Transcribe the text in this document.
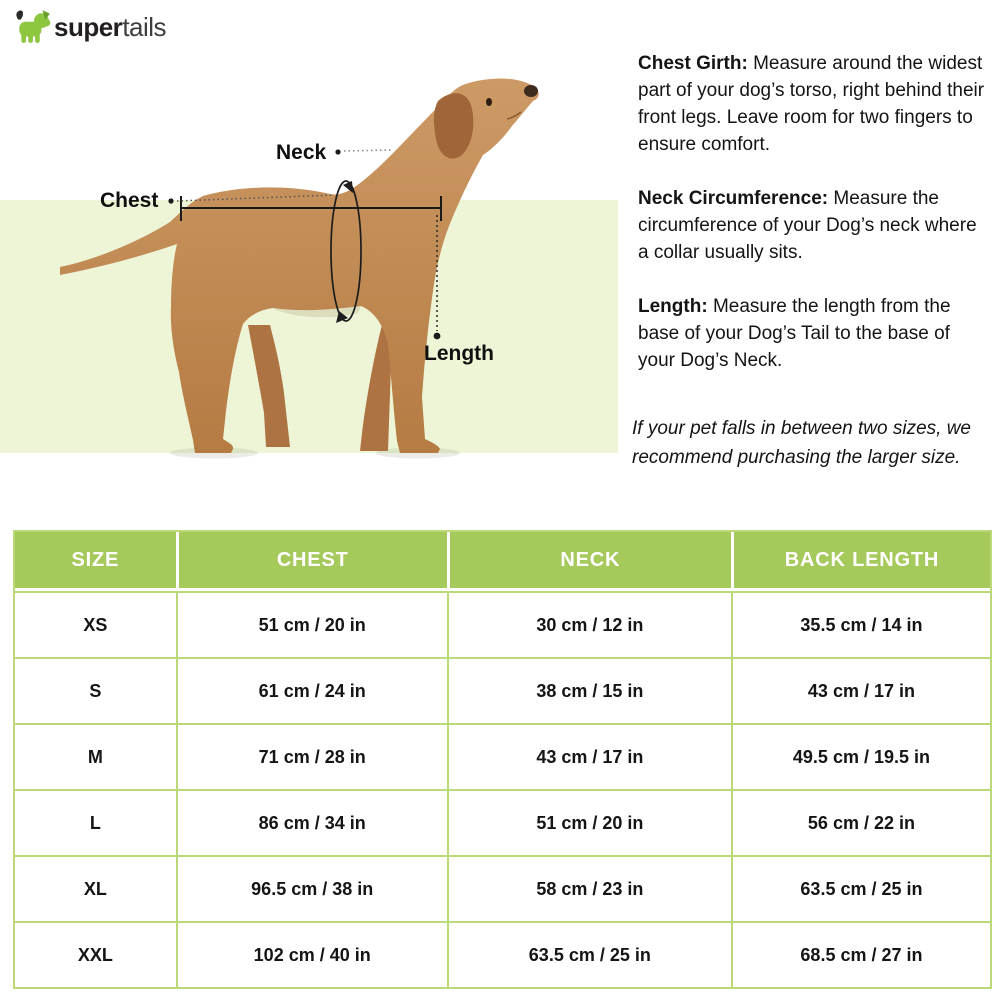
supertails
Neck
Chest
Length

Chest Girth: Measure around the widest part of your dog’s torso, right behind their front legs. Leave room for two fingers to ensure comfort.

Neck Circumference: Measure the circumference of your Dog’s neck where a collar usually sits.

Length: Measure the length from the base of your Dog’s Tail to the base of your Dog’s Neck.

If your pet falls in between two sizes, we recommend purchasing the larger size.

SIZE	CHEST	NECK	BACK LENGTH
XS	51 cm / 20 in	30 cm / 12 in	35.5 cm / 14 in
S	61 cm / 24 in	38 cm / 15 in	43 cm / 17 in
M	71 cm / 28 in	43 cm / 17 in	49.5 cm / 19.5 in
L	86 cm / 34 in	51 cm / 20 in	56 cm / 22 in
XL	96.5 cm / 38 in	58 cm / 23 in	63.5 cm / 25 in
XXL	102 cm / 40 in	63.5 cm / 25 in	68.5 cm / 27 in
